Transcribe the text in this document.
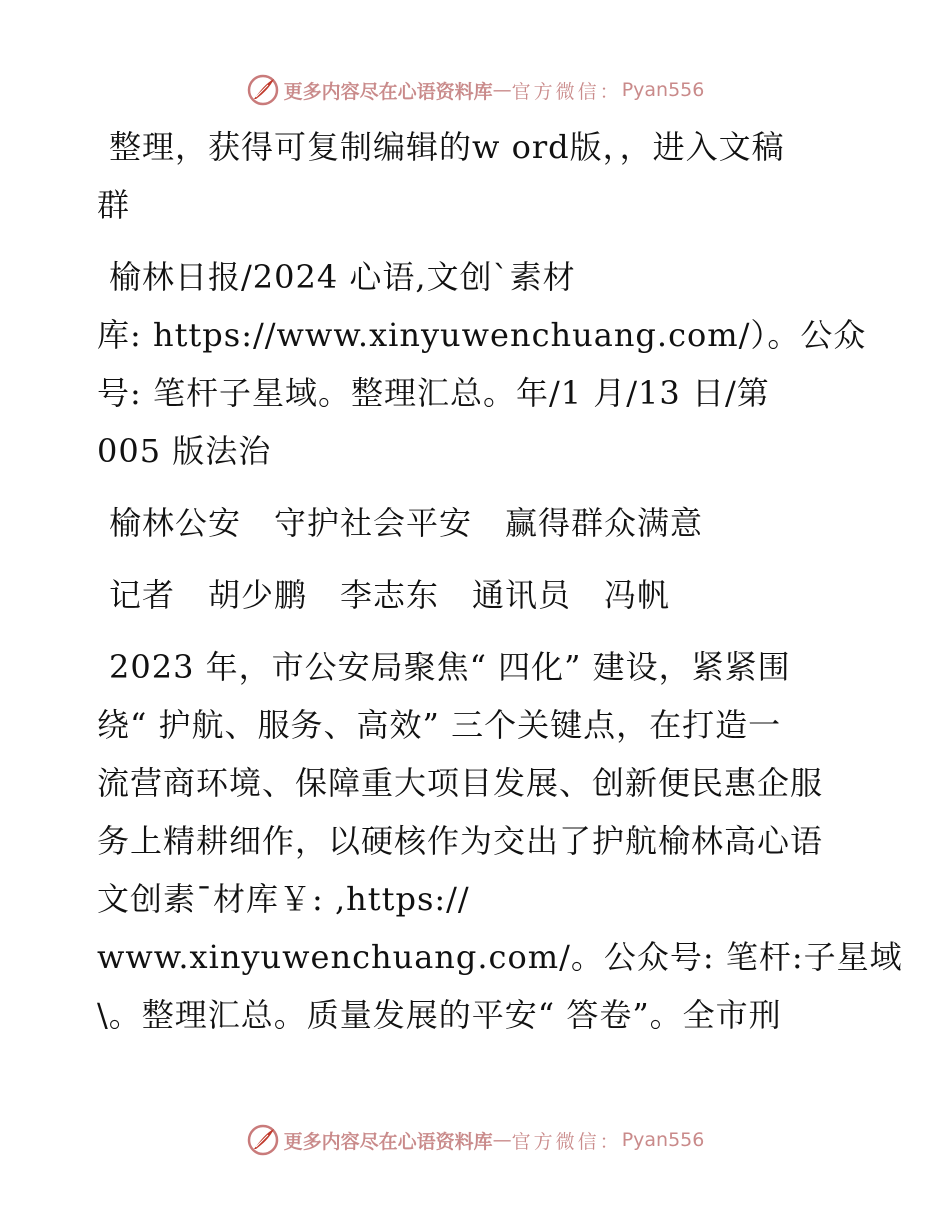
更多内容尽在心语资料库 — 官方微信： Pyan556

整理，获得可复制编辑的w ord版，，进入文稿
群

榆林日报/2024 心语,文创`素材
库: https://www.xinyuwenchuang.com/）。公众
号: 笔杆子星域。整理汇总。年/1 月/13 日/第
005 版法治

榆林公安　守护社会平安　赢得群众满意

记者　胡少鹏　李志东　通讯员　冯帆

2023 年，市公安局聚焦“ 四化” 建设，紧紧围
绕“ 护航、服务、高效” 三个关键点，在打造一
流营商环境、保障重大项目发展、创新便民惠企服
务上精耕细作，以硬核作为交出了护航榆林高心语
文创素¯材库￥: ,https://
www.xinyuwenchuang.com/。公众号: 笔杆:子星域
\。整理汇总。质量发展的平安“ 答卷”。全市刑

更多内容尽在心语资料库 — 官方微信： Pyan556
